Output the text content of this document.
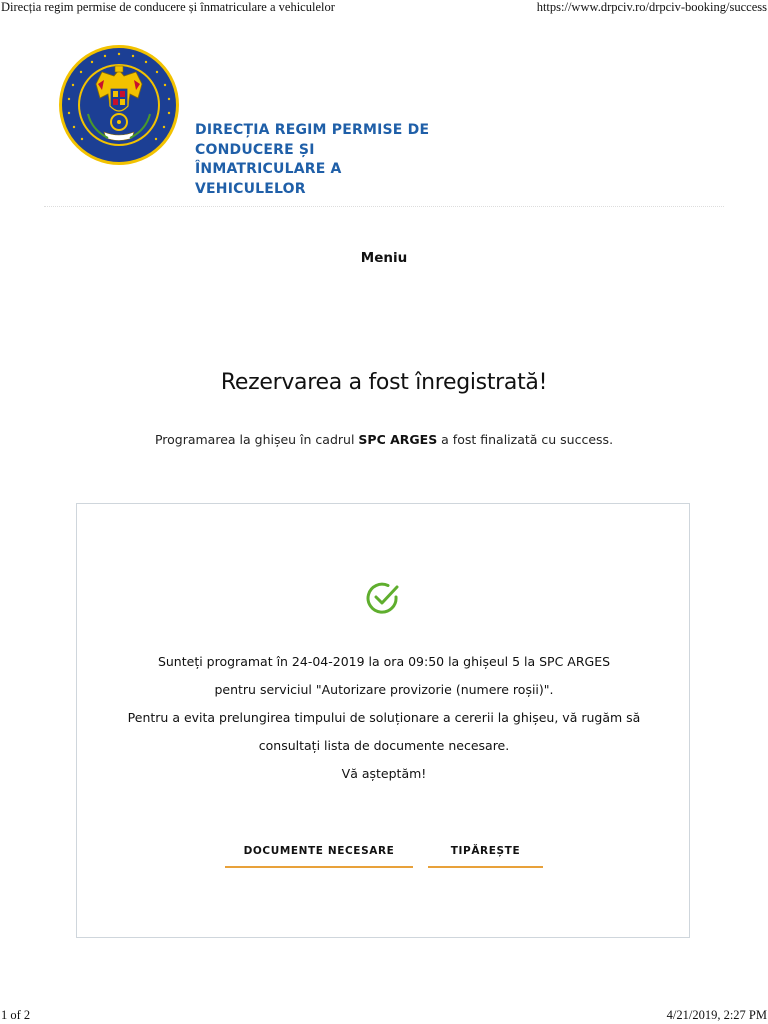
Direcția regim permise de conducere și înmatriculare a vehiculelor	https://www.drpciv.ro/drpciv-booking/success
DIRECȚIA REGIM PERMISE DE CONDUCERE ȘI ÎNMATRICULARE A VEHICULELOR
Meniu
Rezervarea a fost înregistrată!
Programarea la ghișeu în cadrul SPC ARGES a fost finalizată cu success.
Sunteți programat în 24-04-2019 la ora 09:50 la ghișeul 5 la SPC ARGES
pentru serviciul "Autorizare provizorie (numere roșii)".
Pentru a evita prelungirea timpului de soluționare a cererii la ghișeu, vă rugăm să
consultați lista de documente necesare.
Vă așteptăm!
DOCUMENTE NECESARE	TIPĂREȘTE
1 of 2	4/21/2019, 2:27 PM
